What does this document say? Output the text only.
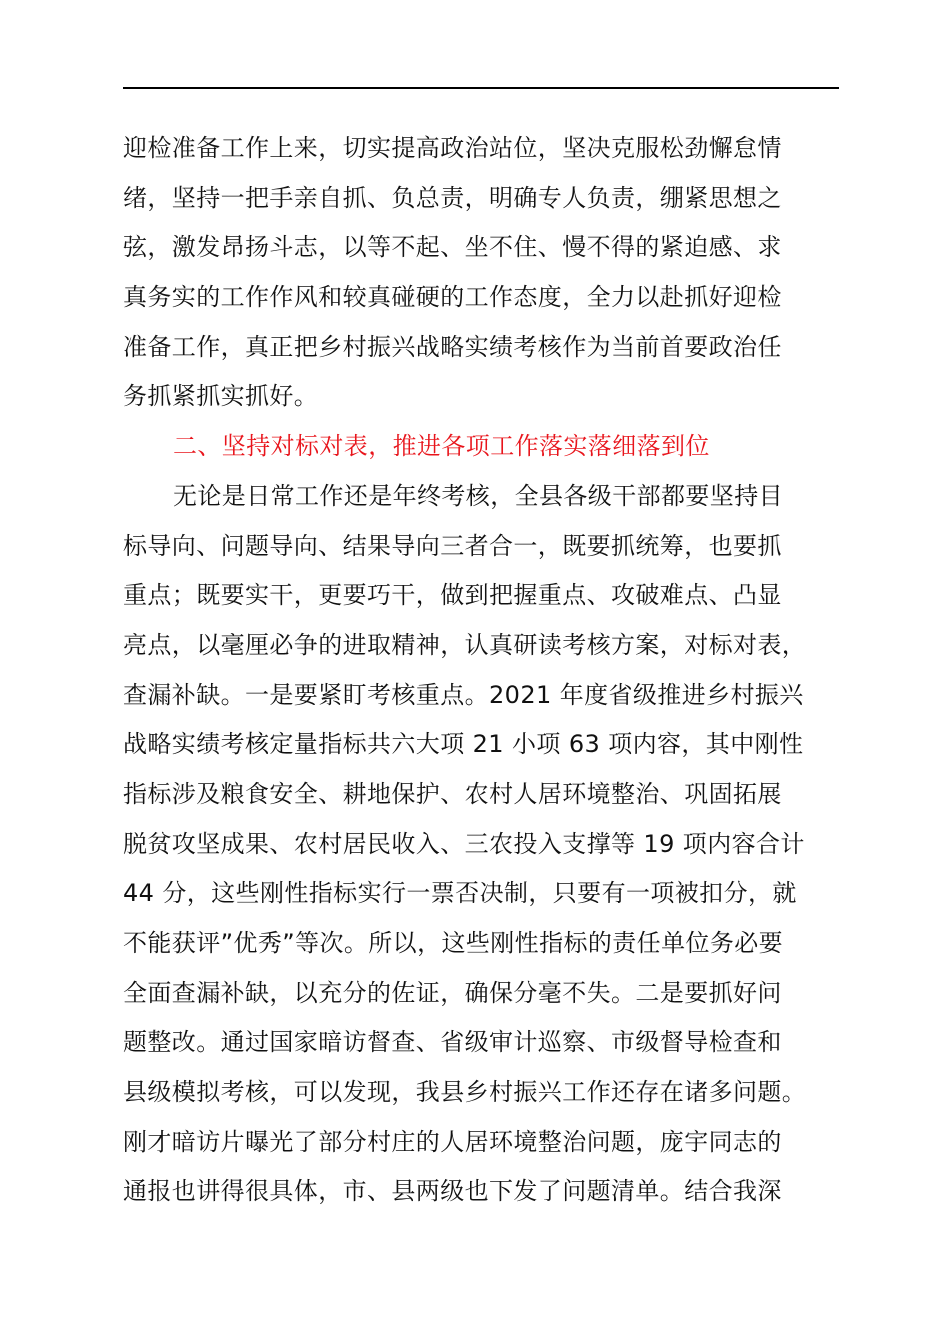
迎检准备工作上来，切实提高政治站位，坚决克服松劲懈怠情
绪，坚持一把手亲自抓、负总责，明确专人负责，绷紧思想之
弦，激发昂扬斗志，以等不起、坐不住、慢不得的紧迫感、求
真务实的工作作风和较真碰硬的工作态度，全力以赴抓好迎检
准备工作，真正把乡村振兴战略实绩考核作为当前首要政治任
务抓紧抓实抓好。
二、坚持对标对表，推进各项工作落实落细落到位
无论是日常工作还是年终考核，全县各级干部都要坚持目
标导向、问题导向、结果导向三者合一，既要抓统筹，也要抓
重点；既要实干，更要巧干，做到把握重点、攻破难点、凸显
亮点，以毫厘必争的进取精神，认真研读考核方案，对标对表，
查漏补缺。一是要紧盯考核重点。2021 年度省级推进乡村振兴
战略实绩考核定量指标共六大项 21 小项 63 项内容，其中刚性
指标涉及粮食安全、耕地保护、农村人居环境整治、巩固拓展
脱贫攻坚成果、农村居民收入、三农投入支撑等 19 项内容合计
44 分，这些刚性指标实行一票否决制，只要有一项被扣分，就
不能获评”优秀”等次。所以，这些刚性指标的责任单位务必要
全面查漏补缺，以充分的佐证，确保分毫不失。二是要抓好问
题整改。通过国家暗访督查、省级审计巡察、市级督导检查和
县级模拟考核，可以发现，我县乡村振兴工作还存在诸多问题。
刚才暗访片曝光了部分村庄的人居环境整治问题，庞宇同志的
通报也讲得很具体，市、县两级也下发了问题清单。结合我深
